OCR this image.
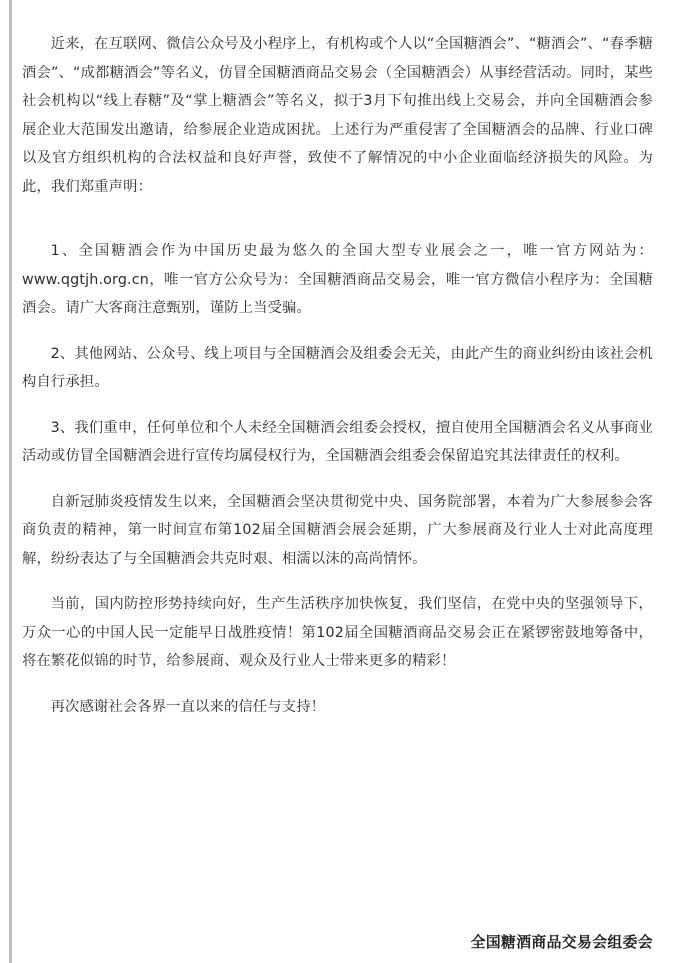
近来，在互联网、微信公众号及小程序上，有机构或个人以“全国糖酒会”、“糖酒会”、“春季糖酒会”、“成都糖酒会”等名义，仿冒全国糖酒商品交易会（全国糖酒会）从事经营活动。同时，某些社会机构以“线上春糖”及“掌上糖酒会”等名义，拟于3月下旬推出线上交易会，并向全国糖酒会参展企业大范围发出邀请，给参展企业造成困扰。上述行为严重侵害了全国糖酒会的品牌、行业口碑以及官方组织机构的合法权益和良好声誉，致使不了解情况的中小企业面临经济损失的风险。为此，我们郑重声明：

1、全国糖酒会作为中国历史最为悠久的全国大型专业展会之一，唯一官方网站为：www.qgtjh.org.cn，唯一官方公众号为：全国糖酒商品交易会，唯一官方微信小程序为：全国糖酒会。请广大客商注意甄别，谨防上当受骗。

2、其他网站、公众号、线上项目与全国糖酒会及组委会无关，由此产生的商业纠纷由该社会机构自行承担。

3、我们重申，任何单位和个人未经全国糖酒会组委会授权，擅自使用全国糖酒会名义从事商业活动或仿冒全国糖酒会进行宣传均属侵权行为，全国糖酒会组委会保留追究其法律责任的权利。

自新冠肺炎疫情发生以来，全国糖酒会坚决贯彻党中央、国务院部署，本着为广大参展参会客商负责的精神，第一时间宣布第102届全国糖酒会展会延期，广大参展商及行业人士对此高度理解，纷纷表达了与全国糖酒会共克时艰、相濡以沫的高尚情怀。

当前，国内防控形势持续向好，生产生活秩序加快恢复，我们坚信，在党中央的坚强领导下，万众一心的中国人民一定能早日战胜疫情！第102届全国糖酒商品交易会正在紧锣密鼓地筹备中，将在繁花似锦的时节，给参展商、观众及行业人士带来更多的精彩！

再次感谢社会各界一直以来的信任与支持！

全国糖酒商品交易会组委会
